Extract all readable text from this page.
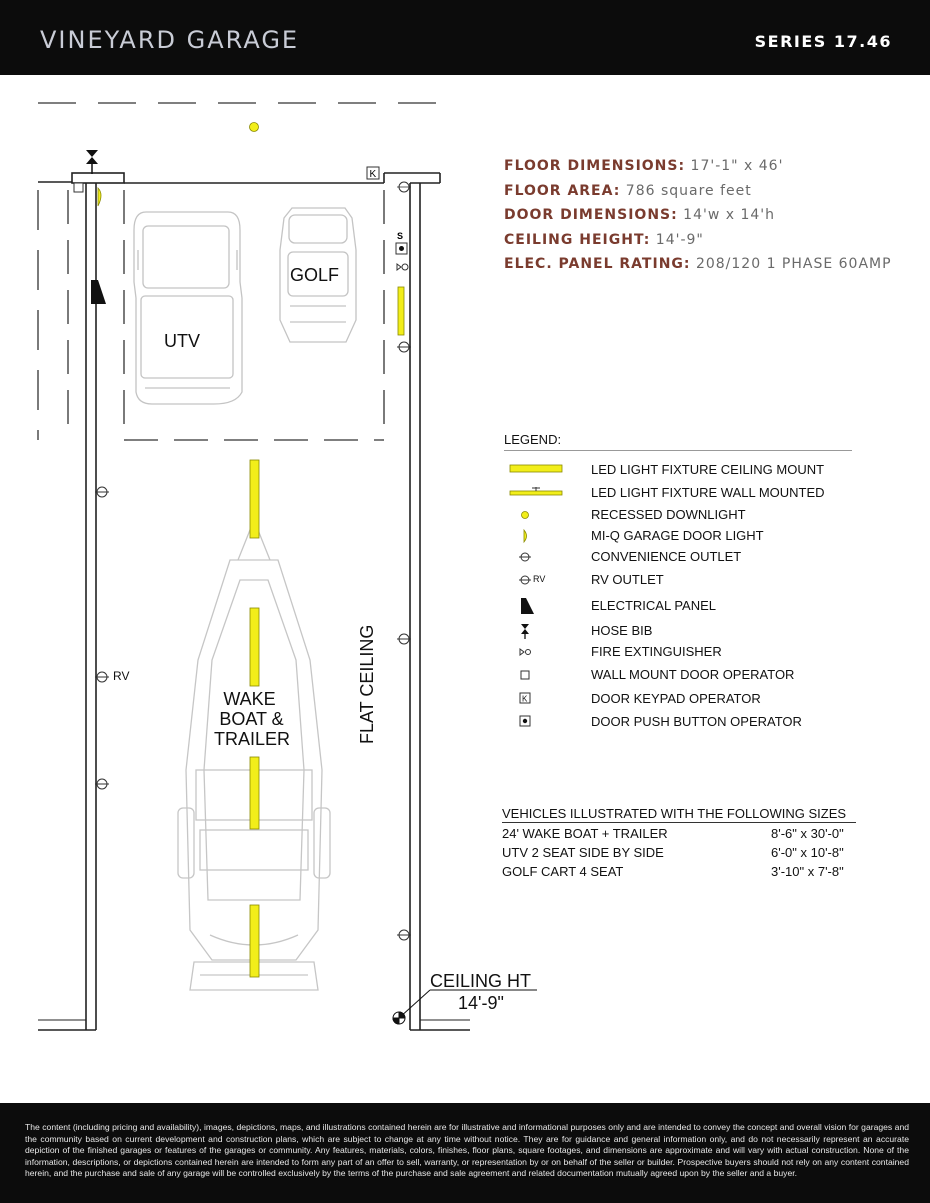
VINEYARD GARAGE	SERIES 17.46
K
S
RV
UTV
GOLF
WAKE BOAT & TRAILER	FLAT CEILING
CEILING HT
14'-9"
FLOOR DIMENSIONS: 17'-1" x 46'
FLOOR AREA: 786 square feet
DOOR DIMENSIONS: 14'w x 14'h
CEILING HEIGHT: 14'-9"
ELEC. PANEL RATING: 208/120 1 PHASE 60AMP
LEGEND:
LED LIGHT FIXTURE CEILING MOUNT
LED LIGHT FIXTURE WALL MOUNTED
RECESSED DOWNLIGHT
MI-Q GARAGE DOOR LIGHT
CONVENIENCE OUTLET
RV	RV OUTLET
ELECTRICAL PANEL
HOSE BIB
FIRE EXTINGUISHER
WALL MOUNT DOOR OPERATOR
K	DOOR KEYPAD OPERATOR
DOOR PUSH BUTTON OPERATOR
VEHICLES ILLUSTRATED WITH THE FOLLOWING SIZES
24' WAKE BOAT + TRAILER	8'-6" x 30'-0"
UTV 2 SEAT SIDE BY SIDE	6'-0" x 10'-8"
GOLF CART 4 SEAT	3'-10" x 7'-8"
The content (including pricing and availability), images, depictions, maps, and illustrations contained herein are for illustrative and informational purposes only and are intended to convey the concept and overall vision for garages and the community based on current development and construction plans, which are subject to change at any time without notice. They are for guidance and general information only, and do not necessarily represent an accurate depiction of the finished garages or features of the garages or community. Any features, materials, colors, finishes, floor plans, square footages, and dimensions are approximate and will vary with actual construction. None of the information, descriptions, or depictions contained herein are intended to form any part of an offer to sell, warranty, or representation by or on behalf of the seller or builder. Prospective buyers should not rely on any content contained herein, and the purchase and sale of any garage will be controlled exclusively by the terms of the purchase and sale agreement and related documentation mutually agreed upon by the seller and a buyer.
